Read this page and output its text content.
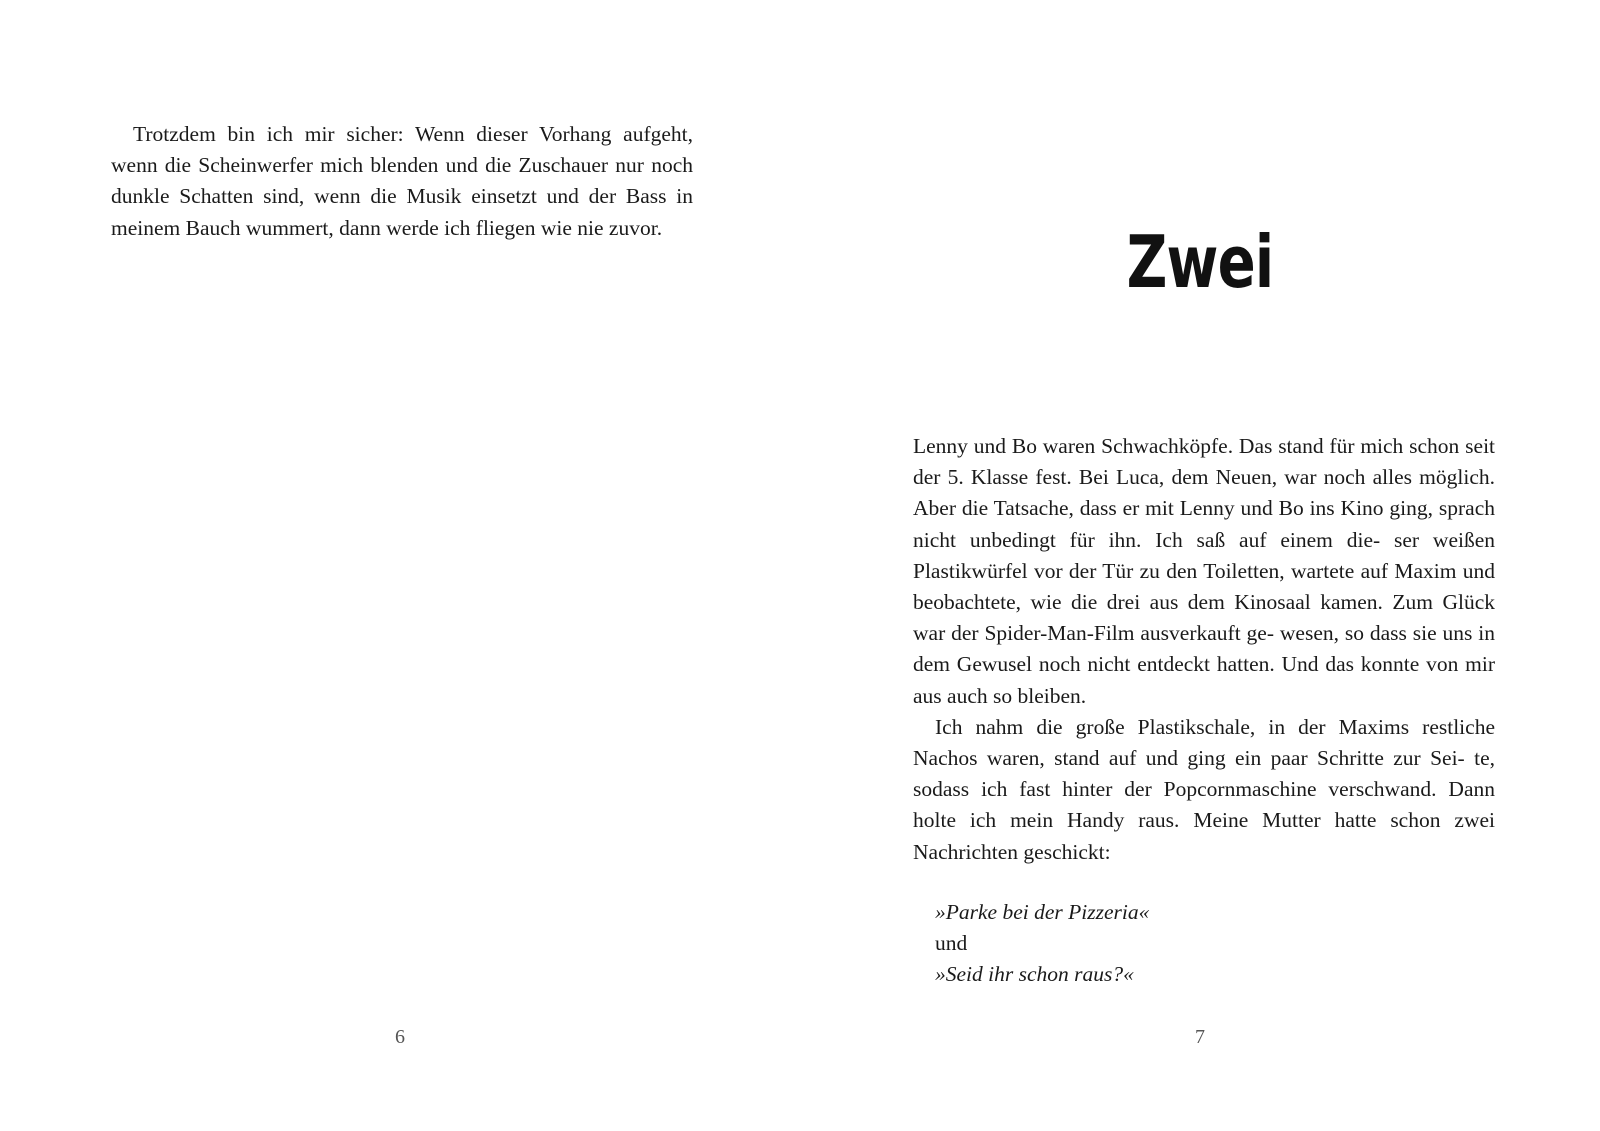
Trotzdem bin ich mir sicher: Wenn dieser Vorhang aufgeht, wenn die Scheinwerfer mich blenden und die Zuschauer nur noch dunkle Schatten sind, wenn die Musik einsetzt und der Bass in meinem Bauch wummert, dann werde ich fliegen wie nie zuvor.

6
Zwei

Lenny und Bo waren Schwachköpfe. Das stand für mich schon seit der 5. Klasse fest. Bei Luca, dem Neuen, war noch alles möglich. Aber die Tatsache, dass er mit Lenny und Bo ins Kino ging, sprach nicht unbedingt für ihn. Ich saß auf einem die- ser weißen Plastikwürfel vor der Tür zu den Toiletten, wartete auf Maxim und beobachtete, wie die drei aus dem Kinosaal kamen. Zum Glück war der Spider-Man-Film ausverkauft ge- wesen, so dass sie uns in dem Gewusel noch nicht entdeckt hatten. Und das konnte von mir aus auch so bleiben.

Ich nahm die große Plastikschale, in der Maxims restliche Nachos waren, stand auf und ging ein paar Schritte zur Sei- te, sodass ich fast hinter der Popcornmaschine verschwand. Dann holte ich mein Handy raus. Meine Mutter hatte schon zwei Nachrichten geschickt:

»Parke bei der Pizzeria«
und
»Seid ihr schon raus?«
7
